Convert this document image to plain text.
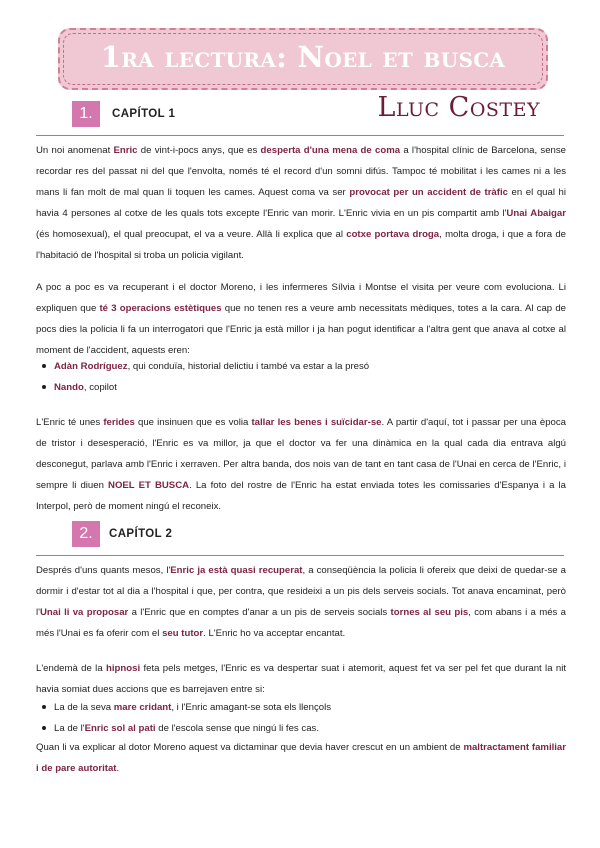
1ra lectura: Noel et busca
Lluc Costey
1.	CAPÍTOL 1

Un noi anomenat Enric de vint-i-pocs anys, que es desperta d'una mena de coma a l'hospital clínic de Barcelona, sense recordar res del passat ni del que l'envolta, només té el record d'un somni difús. Tampoc té mobilitat i les cames ni a les mans li fan molt de mal quan li toquen les cames. Aquest coma va ser provocat per un accident de tràfic en el qual hi havia 4 persones al cotxe de les quals tots excepte l'Enric van morir. L'Enric vivia en un pis compartit amb l'Unai Abaigar (és homosexual), el qual preocupat, el va a veure. Allà li explica que al cotxe portava droga, molta droga, i que a fora de l'habitació de l'hospital si troba un policia vigilant.

A poc a poc es va recuperant i el doctor Moreno, i les infermeres Sílvia i Montse el visita per veure com evoluciona. Li expliquen que té 3 operacions estètiques que no tenen res a veure amb necessitats mèdiques, totes a la cara. Al cap de pocs dies la policia li fa un interrogatori que l'Enric ja està millor i ja han pogut identificar a l'altra gent que anava al cotxe al moment de l'accident, aquests eren:

Adàn Rodríguez, qui conduïa, historial delictiu i també va estar a la presó
Nando, copilot

L'Enric té unes ferides que insinuen que es volia tallar les benes i suïcidar-se. A partir d'aquí, tot i passar per una època de tristor i desesperació, l'Enric es va millor, ja que el doctor va fer una dinàmica en la qual cada dia entrava algú desconegut, parlava amb l'Enric i xerraven. Per altra banda, dos nois van de tant en tant casa de l'Unai en cerca de l'Enric, i sempre li diuen NOEL ET BUSCA. La foto del rostre de l'Enric ha estat enviada totes les comissaries d'Espanya i a la Interpol, però de moment ningú el reconeix.

2.	CAPÍTOL 2

Després d'uns quants mesos, l'Enric ja està quasi recuperat, a conseqüència la policia li ofereix que deixi de quedar-se a dormir i d'estar tot al dia a l'hospital i que, per contra, que resideixi a un pis dels serveis socials. Tot anava encaminat, però l'Unai li va proposar a l'Enric que en comptes d'anar a un pis de serveis socials tornes al seu pis, com abans i a més a més l'Unai es fa oferir com el seu tutor. L'Enric ho va acceptar encantat.

L'endemà de la hipnosi feta pels metges, l'Enric es va despertar suat i atemorit, aquest fet va ser pel fet que durant la nit havia somiat dues accions que es barrejaven entre si:

La de la seva mare cridant, i l'Enric amagant-se sota els llençols
La de l'Enric sol al pati de l'escola sense que ningú li fes cas.

Quan li va explicar al dotor Moreno aquest va dictaminar que devia haver crescut en un ambient de maltractament familiar i de pare autoritat.
